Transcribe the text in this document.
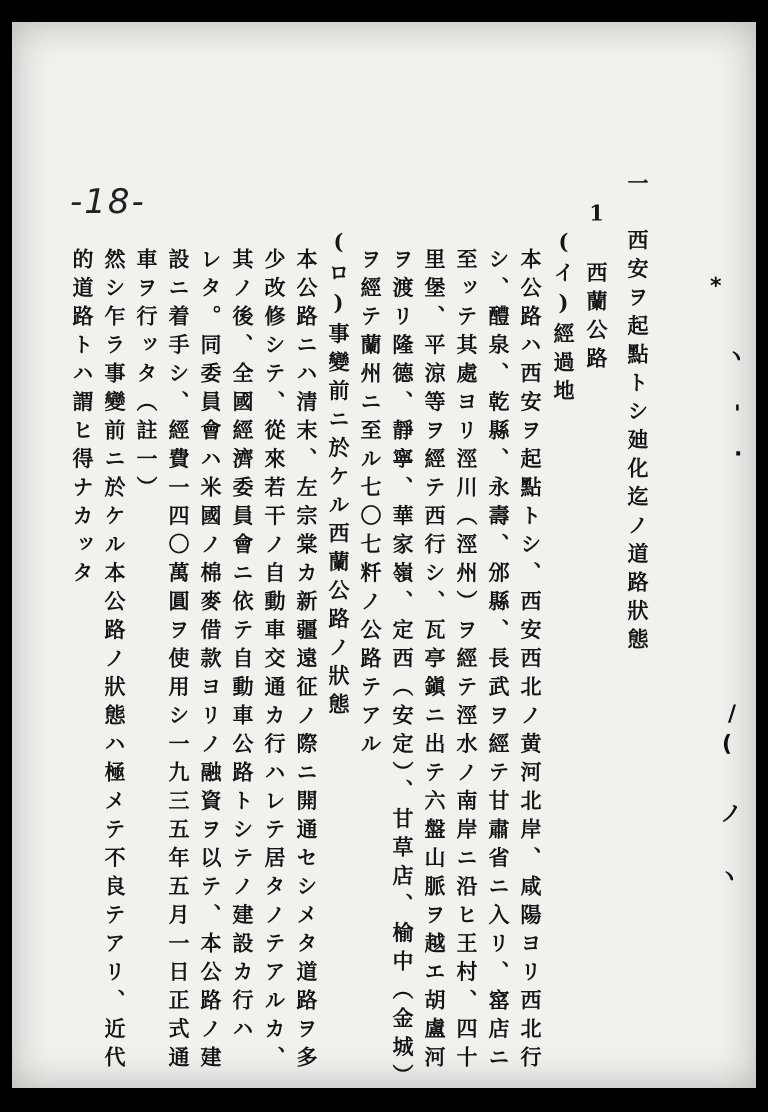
-18-	一　西安ヲ起點トシ廸化迄ノ道路狀態
　1　西蘭公路
　　(イ)經過地
本公路ハ西安ヲ起點トシ、西安西北ノ黄河北岸、咸陽ヨリ西北行
シ、醴泉、乾縣、永壽、邠縣、長武ヲ經テ甘肅省ニ入リ、窰店ニ
至ッテ其處ヨリ涇川（涇州）ヲ經テ涇水ノ南岸ニ沿ヒ王村、四十
里堡、平涼等ヲ經テ西行シ、瓦亭鎭ニ出テ六盤山脈ヲ越エ胡盧河
ヲ渡リ隆德、靜寧、華家嶺、定西（安定）、甘草店、榆中（金城）
ヲ經テ蘭州ニ至ル七〇七粁ノ公路テアル
　　(ロ)事變前ニ於ケル西蘭公路ノ狀態
本公路ニハ清末、左宗棠カ新疆遠征ノ際ニ開通セシメタ道路ヲ多
少改修シテ、從來若干ノ自動車交通カ行ハレテ居タノテアルカ、
其ノ後、全國經濟委員會ニ依テ自動車公路トシテノ建設カ行ハ
レタ。同委員會ハ米國ノ棉麥借款ヨリノ融資ヲ以テ、本公路ノ建
設ニ着手シ、經費一四〇萬圓ヲ使用シ一九三五年五月一日正式通
車ヲ行ッタ（註一）
然シ乍ラ事變前ニ於ケル本公路ノ狀態ハ極メテ不良テアリ、近代
的道路トハ謂ヒ得ナカッタ	*
ヽ
'
·
/
(
ノ
ヽ
